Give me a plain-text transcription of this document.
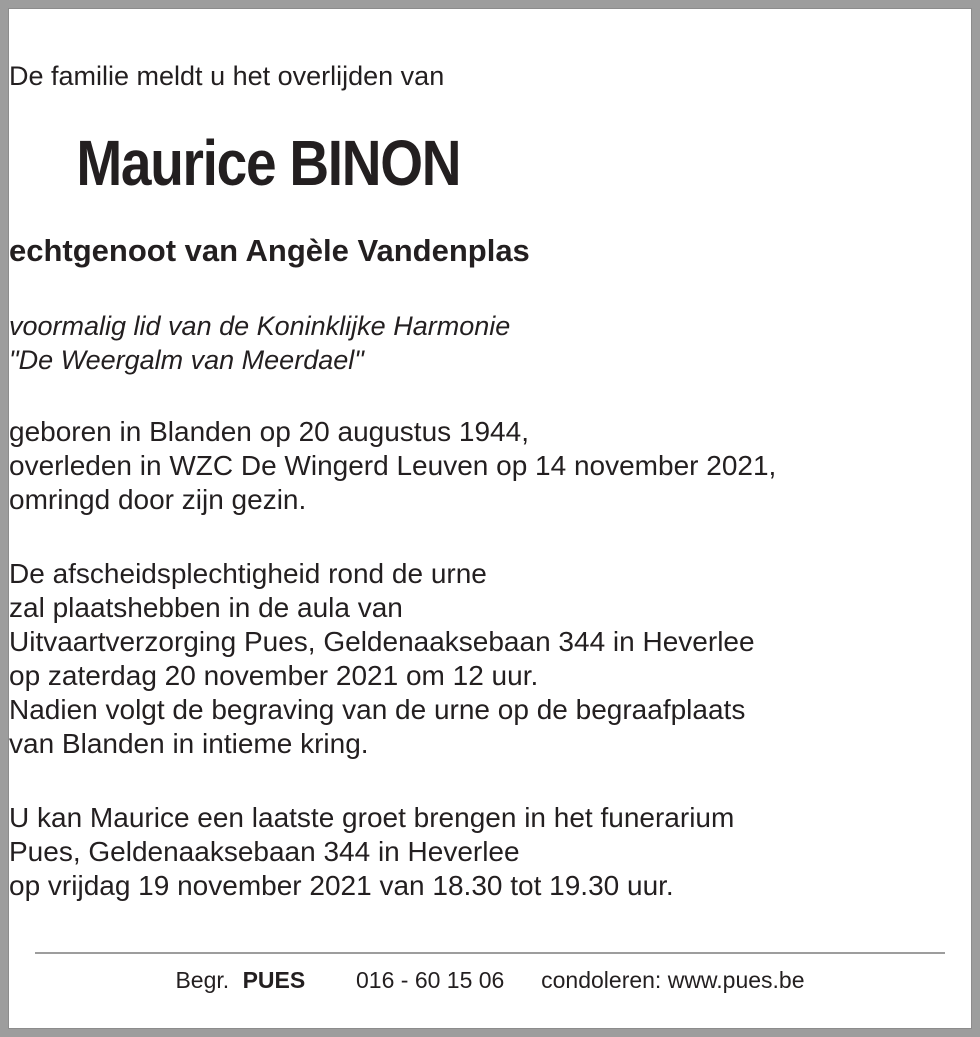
De familie meldt u het overlijden van
Maurice BINON
echtgenoot van Angèle Vandenplas
voormalig lid van de Koninklijke Harmonie
"De Weergalm van Meerdael"
geboren in Blanden op 20 augustus 1944,
overleden in WZC De Wingerd Leuven op 14 november 2021,
omringd door zijn gezin.
De afscheidsplechtigheid rond de urne
zal plaatshebben in de aula van
Uitvaartverzorging Pues, Geldenaaksebaan 344 in Heverlee
op zaterdag 20 november 2021 om 12 uur.
Nadien volgt de begraving van de urne op de begraafplaats
van Blanden in intieme kring.
U kan Maurice een laatste groet brengen in het funerarium
Pues, Geldenaaksebaan 344 in Heverlee
op vrijdag 19 november 2021 van 18.30 tot 19.30 uur.
Begr. PUES 016 - 60 15 06 condoleren: www.pues.be
